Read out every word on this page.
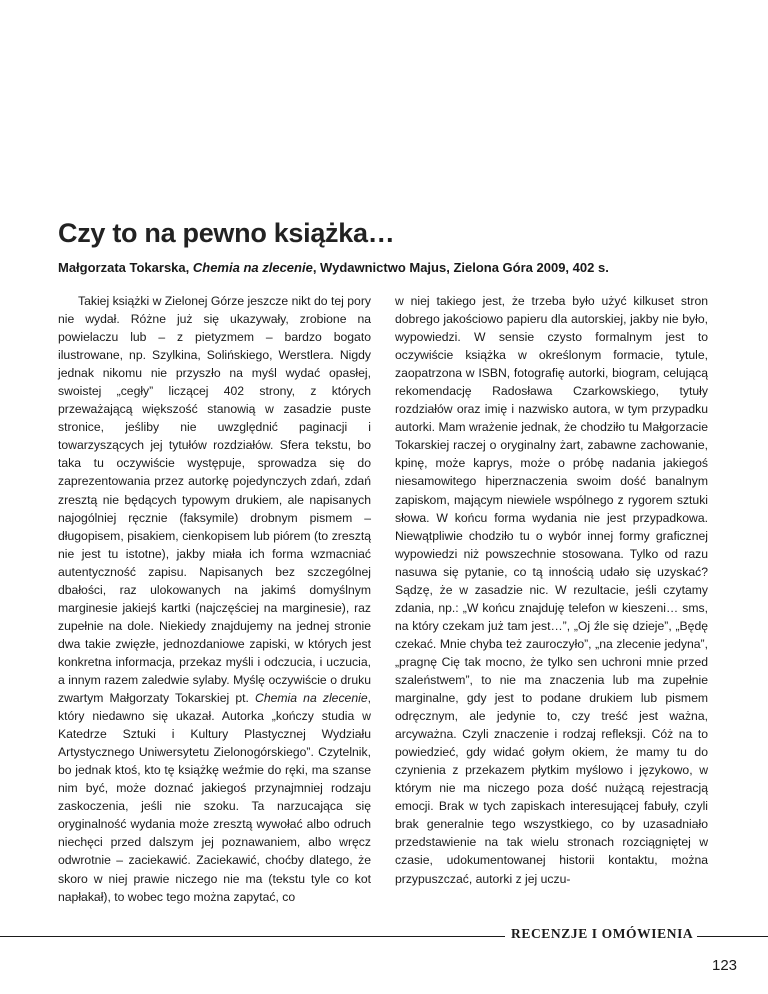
Czy to na pewno książka…

Małgorzata Tokarska, Chemia na zlecenie, Wydawnictwo Majus, Zielona Góra 2009, 402 s.

Takiej książki w Zielonej Górze jeszcze nikt do tej pory nie wydał. Różne już się ukazywały, zrobione na powielaczu lub – z pietyzmem – bardzo bogato ilustrowane, np. Szylkina, Solińskiego, Werstlera. Nigdy jednak nikomu nie przyszło na myśl wydać opasłej, swoistej „cegły” liczącej 402 strony, z których przeważającą większość stanowią w zasadzie puste stronice, jeśliby nie uwzględnić paginacji i towarzyszących jej tytułów rozdziałów. Sfera tekstu, bo taka tu oczywiście występuje, sprowadza się do zaprezentowania przez autorkę pojedynczych zdań, zdań zresztą nie będących typowym drukiem, ale napisanych najogólniej ręcznie (faksymile) drobnym pismem – długopisem, pisakiem, cienkopisem lub piórem (to zresztą nie jest tu istotne), jakby miała ich forma wzmacniać autentyczność zapisu. Napisanych bez szczególnej dbałości, raz ulokowanych na jakimś domyślnym marginesie jakiejś kartki (najczęściej na marginesie), raz zupełnie na dole. Niekiedy znajdujemy na jednej stronie dwa takie zwięzłe, jednozdaniowe zapiski, w których jest konkretna informacja, przekaz myśli i odczucia, i uczucia, a innym razem zaledwie sylaby. Myślę oczywiście o druku zwartym Małgorzaty Tokarskiej pt. Chemia na zlecenie, który niedawno się ukazał. Autorka „kończy studia w Katedrze Sztuki i Kultury Plastycznej Wydziału Artystycznego Uniwersytetu Zielonogórskiego”. Czytelnik, bo jednak ktoś, kto tę książkę weźmie do ręki, ma szanse nim być, może doznać jakiegoś przynajmniej rodzaju zaskoczenia, jeśli nie szoku. Ta narzucająca się oryginalność wydania może zresztą wywołać albo odruch niechęci przed dalszym jej poznawaniem, albo wręcz odwrotnie – zaciekawić. Zaciekawić, choćby dlatego, że skoro w niej prawie niczego nie ma (tekstu tyle co kot napłakał), to wobec tego można zapytać, co

w niej takiego jest, że trzeba było użyć kilkuset stron dobrego jakościowo papieru dla autorskiej, jakby nie było, wypowiedzi. W sensie czysto formalnym jest to oczywiście książka w określonym formacie, tytule, zaopatrzona w ISBN, fotografię autorki, biogram, celującą rekomendację Radosława Czarkowskiego, tytuły rozdziałów oraz imię i nazwisko autora, w tym przypadku autorki. Mam wrażenie jednak, że chodziło tu Małgorzacie Tokarskiej raczej o oryginalny żart, zabawne zachowanie, kpinę, może kaprys, może o próbę nadania jakiegoś niesamowitego hiperznaczenia swoim dość banalnym zapiskom, mającym niewiele wspólnego z rygorem sztuki słowa. W końcu forma wydania nie jest przypadkowa. Niewątpliwie chodziło tu o wybór innej formy graficznej wypowiedzi niż powszechnie stosowana. Tylko od razu nasuwa się pytanie, co tą innością udało się uzyskać? Sądzę, że w zasadzie nic. W rezultacie, jeśli czytamy zdania, np.: „W końcu znajduję telefon w kieszeni… sms, na który czekam już tam jest…”, „Oj źle się dzieje”, „Będę czekać. Mnie chyba też zauroczyło”, „na zlecenie jedyna”, „pragnę Cię tak mocno, że tylko sen uchroni mnie przed szaleństwem”, to nie ma znaczenia lub ma zupełnie marginalne, gdy jest to podane drukiem lub pismem odręcznym, ale jedynie to, czy treść jest ważna, arcyważna. Czyli znaczenie i rodzaj refleksji. Cóż na to powiedzieć, gdy widać gołym okiem, że mamy tu do czynienia z przekazem płytkim myślowo i językowo, w którym nie ma niczego poza dość nużącą rejestracją emocji. Brak w tych zapiskach interesującej fabuły, czyli brak generalnie tego wszystkiego, co by uzasadniało przedstawienie na tak wielu stronach rozciągniętej w czasie, udokumentowanej historii kontaktu, można przypuszczać, autorki z jej uczu-

RECENZJE I OMÓWIENIA
123
